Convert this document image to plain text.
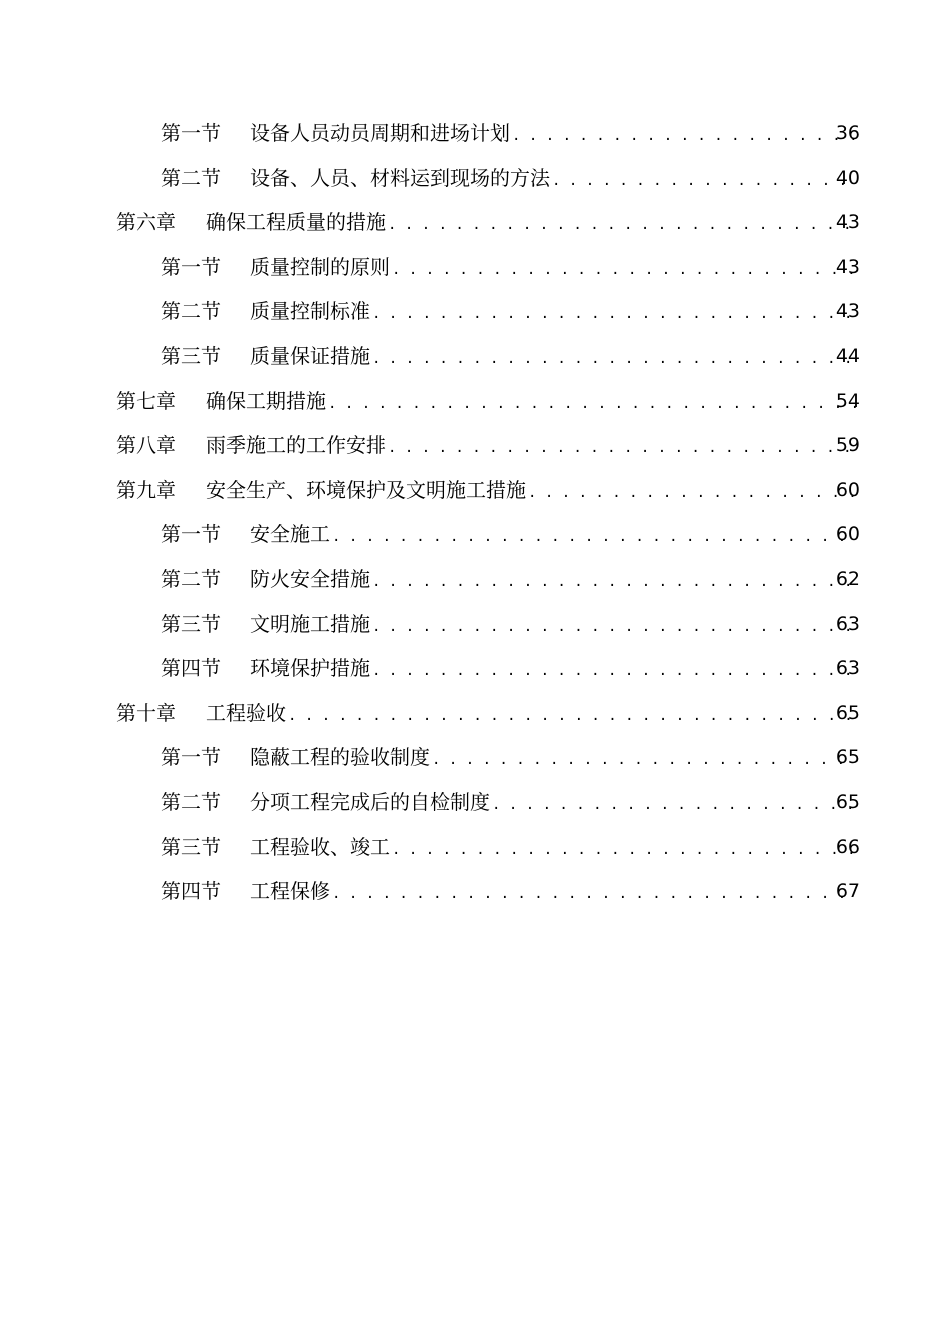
第一节 设备人员动员周期和进场计划 . . .	36
第二节 设备、人员、材料运到现场的方法 . . .	40
第六章 确保工程质量的措施 . . .	43
第一节 质量控制的原则 . . .	43
第二节 质量控制标准 . . .	43
第三节 质量保证措施 . . .	44
第七章 确保工期措施 . . .	54
第八章 雨季施工的工作安排 . . .	59
第九章 安全生产、环境保护及文明施工措施 . . .	60
第一节 安全施工 . . .	60
第二节 防火安全措施 . . .	62
第三节 文明施工措施 . . .	63
第四节 环境保护措施 . . .	63
第十章 工程验收 . . .	65
第一节 隐蔽工程的验收制度 . . .	65
第二节 分项工程完成后的自检制度 . . .	65
第三节 工程验收、竣工 . . .	66
第四节 工程保修 . . .	67
